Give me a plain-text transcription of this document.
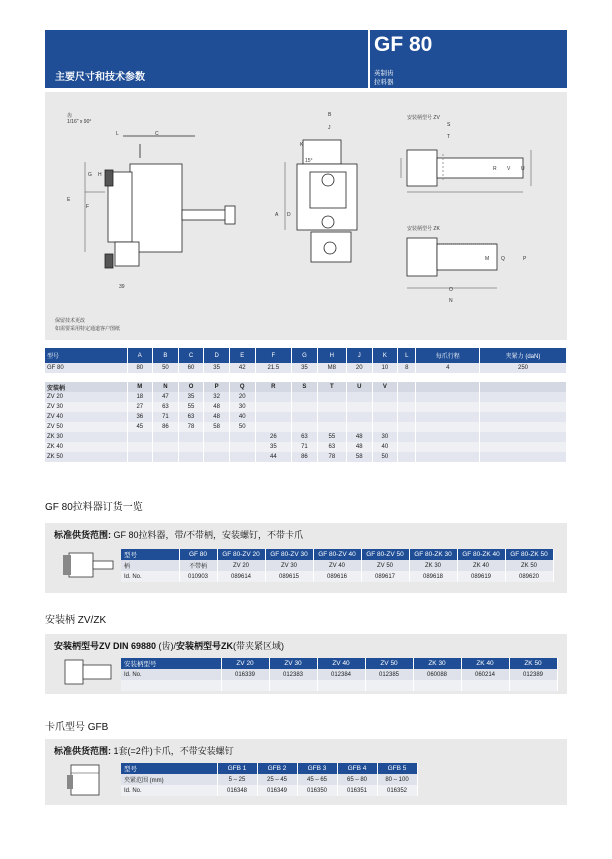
主要尺寸和技术参数
GF 80
英制齿
拉料器
齿
1/16" x 90°
L	C
G H
E
F
39
B
J
K
15°
A D
安装柄型号 ZV
S
T
R V U
安装柄型号 ZK
M Q	P
O
N
保留技术更改
如需要采用特定通道客户图纸
型号	A	B	C	D	E	F	G	H	J	K	L	每爪行程	夹紧力 (daN)
GF 80	80	50	60	35	42	21.5	35	M8	20	10	8	4	250

安装柄	M	N	O	P	Q	R	S	T	U	V			
ZV 20	18	47	35	32	20								
ZV 30	27	63	55	48	30								
ZV 40	36	71	63	48	40								
ZV 50	45	86	78	58	50								
ZK 30						26	63	55	48	30			
ZK 40						35	71	63	48	40			
ZK 50						44	86	78	58	50			
GF 80拉料器订货一览
标准供货范围: GF 80拉料器，带/不带柄，安装螺钉，不带卡爪
型号	GF 80	GF 80-ZV 20	GF 80-ZV 30	GF 80-ZV 40	GF 80-ZV 50	GF 80-ZK 30	GF 80-ZK 40	GF 80-ZK 50
柄	不带柄	ZV 20	ZV 30	ZV 40	ZV 50	ZK 30	ZK 40	ZK 50
Id. No.	010903	089614	089615	089616	089617	089618	089619	089620
安装柄 ZV/ZK
安装柄型号ZV DIN 69880 (齿)/安装柄型号ZK(带夹紧区域)
安装柄型号	ZV 20	ZV 30	ZV 40	ZV 50	ZK 30	ZK 40	ZK 50
Id. No.	016339	012383	012384	012385	060088	060214	012389

卡爪型号 GFB
标准供货范围: 1套(=2件)卡爪，不带安装螺钉
型号	GFB 1	GFB 2	GFB 3	GFB 4	GFB 5
夹紧范围 (mm)	5 – 25	25 – 45	45 – 65	65 – 80	80 – 100
Id. No.	016348	016349	016350	016351	016352
